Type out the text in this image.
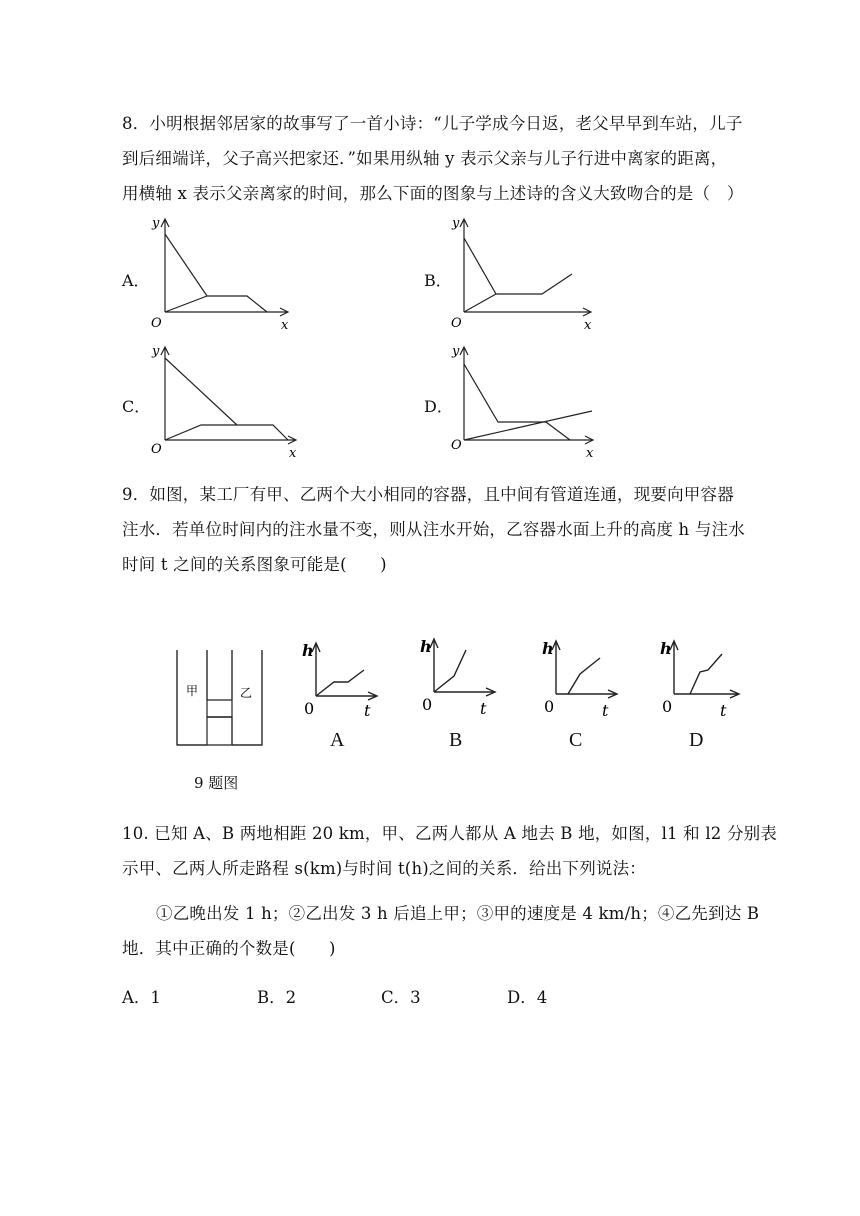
8．小明根据邻居家的故事写了一首小诗：“儿子学成今日返，老父早早到车站，儿子
到后细端详，父子高兴把家还．”如果用纵轴 y 表示父亲与儿子行进中离家的距离，
用横轴 x 表示父亲离家的时间，那么下面的图象与上述诗的含义大致吻合的是（　）
A．	B．
C．	D．
y
O	x
y
O	x
y
O	x
y
O
x
9．如图，某工厂有甲、乙两个大小相同的容器，且中间有管道连通，现要向甲容器
注水．若单位时间内的注水量不变，则从注水开始，乙容器水面上升的高度 h 与注水
时间 t 之间的关系图象可能是(　　)
甲	乙
9 题图
h
0	t
h
0	t
h
0	t
h
0	t
A	B	C	D
10. 已知 A、B 两地相距 20 km，甲、乙两人都从 A 地去 B 地，如图，l1 和 l2 分别表
示甲、乙两人所走路程 s(km)与时间 t(h)之间的关系．给出下列说法：
①乙晚出发 1 h；②乙出发 3 h 后追上甲；③甲的速度是 4 km/h；④乙先到达 B
地．其中正确的个数是(　　)
A．1	B．2	C．3	D．4
